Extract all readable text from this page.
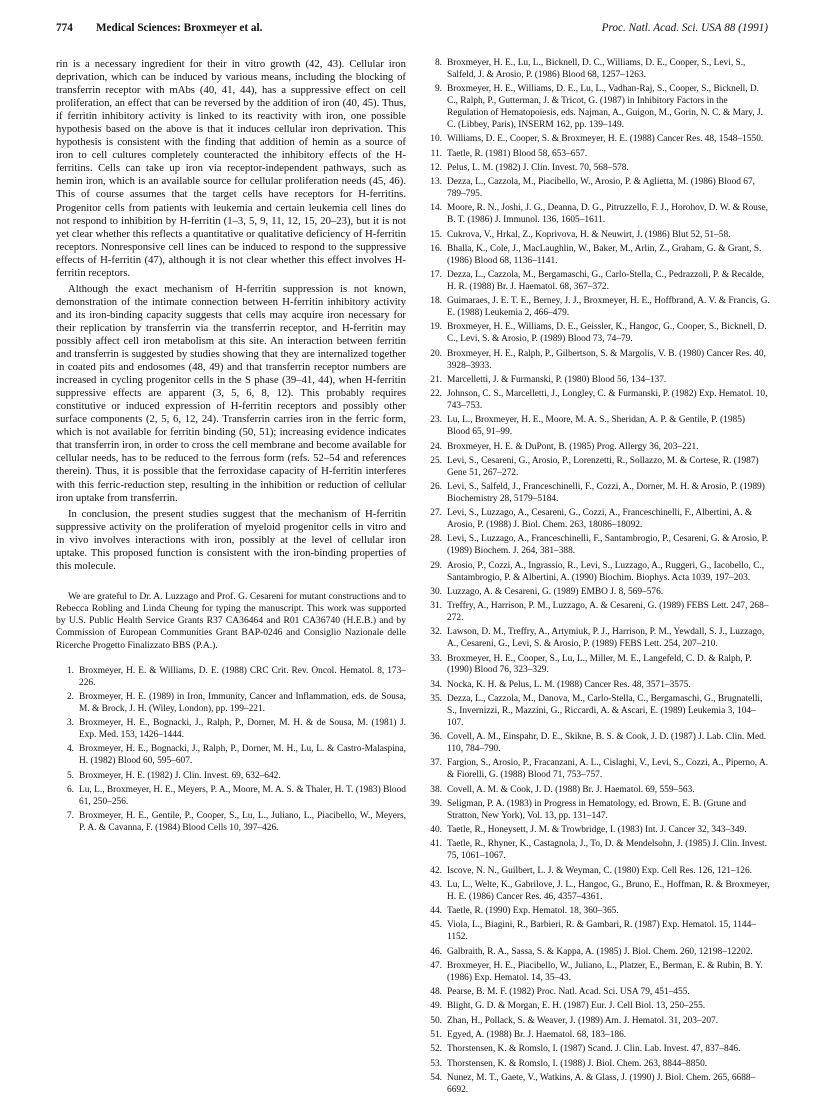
774 Medical Sciences: Broxmeyer et al.	Proc. Natl. Acad. Sci. USA 88 (1991)

rin is a necessary ingredient for their in vitro growth (42, 43). Cellular iron deprivation, which can be induced by various means, including the blocking of transferrin receptor with mAbs (40, 41, 44), has a suppressive effect on cell proliferation, an effect that can be reversed by the addition of iron (40, 45). Thus, if ferritin inhibitory activity is linked to its reactivity with iron, one possible hypothesis based on the above is that it induces cellular iron deprivation. This hypothesis is consistent with the finding that addition of hemin as a source of iron to cell cultures completely counteracted the inhibitory effects of the H-ferritins. Cells can take up iron via receptor-independent pathways, such as hemin iron, which is an available source for cellular proliferation needs (45, 46). This of course assumes that the target cells have receptors for H-ferritins. Progenitor cells from patients with leukemia and certain leukemia cell lines do not respond to inhibition by H-ferritin (1–3, 5, 9, 11, 12, 15, 20–23), but it is not yet clear whether this reflects a quantitative or qualitative deficiency of H-ferritin receptors. Nonresponsive cell lines can be induced to respond to the suppressive effects of H-ferritin (47), although it is not clear whether this effect involves H-ferritin receptors.

Although the exact mechanism of H-ferritin suppression is not known, demonstration of the intimate connection between H-ferritin inhibitory activity and its iron-binding capacity suggests that cells may acquire iron necessary for their replication by transferrin via the transferrin receptor, and H-ferritin may possibly affect cell iron metabolism at this site. An interaction between ferritin and transferrin is suggested by studies showing that they are internalized together in coated pits and endosomes (48, 49) and that transferrin receptor numbers are increased in cycling progenitor cells in the S phase (39–41, 44), when H-ferritin suppressive effects are apparent (3, 5, 6, 8, 12). This probably requires constitutive or induced expression of H-ferritin receptors and possibly other surface components (2, 5, 6, 12, 24). Transferrin carries iron in the ferric form, which is not available for ferritin binding (50, 51); increasing evidence indicates that transferrin iron, in order to cross the cell membrane and become available for cellular needs, has to be reduced to the ferrous form (refs. 52–54 and references therein). Thus, it is possible that the ferroxidase capacity of H-ferritin interferes with this ferric-reduction step, resulting in the inhibition or reduction of cellular iron uptake from transferrin.

In conclusion, the present studies suggest that the mechanism of H-ferritin suppressive activity on the proliferation of myeloid progenitor cells in vitro and in vivo involves interactions with iron, possibly at the level of cellular iron uptake. This proposed function is consistent with the iron-binding properties of this molecule.

We are grateful to Dr. A. Luzzago and Prof. G. Cesareni for mutant constructions and to Rebecca Robling and Linda Cheung for typing the manuscript. This work was supported by U.S. Public Health Service Grants R37 CA36464 and R01 CA36740 (H.E.B.) and by Commission of European Communities Grant BAP-0246 and Consiglio Nazionale delle Ricerche Progetto Finalizzato BBS (P.A.).

1. Broxmeyer, H. E. & Williams, D. E. (1988) CRC Crit. Rev. Oncol. Hematol. 8, 173–226.
2. Broxmeyer, H. E. (1989) in Iron, Immunity, Cancer and Inflammation, eds. de Sousa, M. & Brock, J. H. (Wiley, London), pp. 199–221.
3. Broxmeyer, H. E., Bognacki, J., Ralph, P., Dorner, M. H. & de Sousa, M. (1981) J. Exp. Med. 153, 1426–1444.
4. Broxmeyer, H. E., Bognacki, J., Ralph, P., Dorner, M. H., Lu, L. & Castro-Malaspina, H. (1982) Blood 60, 595–607.
5. Broxmeyer, H. E. (1982) J. Clin. Invest. 69, 632–642.
6. Lu, L., Broxmeyer, H. E., Meyers, P. A., Moore, M. A. S. & Thaler, H. T. (1983) Blood 61, 250–256.
7. Broxmeyer, H. E., Gentile, P., Cooper, S., Lu, L., Juliano, L., Piacibello, W., Meyers, P. A. & Cavanna, F. (1984) Blood Cells 10, 397–426.
8. Broxmeyer, H. E., Lu, L., Bicknell, D. C., Williams, D. E., Cooper, S., Levi, S., Salfeld, J. & Arosio, P. (1986) Blood 68, 1257–1263.
9. Broxmeyer, H. E., Williams, D. E., Lu, L., Vadhan-Raj, S., Cooper, S., Bicknell, D. C., Ralph, P., Gutterman, J. & Tricot, G. (1987) in Inhibitory Factors in the Regulation of Hematopoiesis, eds. Najman, A., Guigon, M., Gorin, N. C. & Mary, J. C. (Libbey, Paris), INSERM 162, pp. 139–149.
10. Williams, D. E., Cooper, S. & Broxmeyer, H. E. (1988) Cancer Res. 48, 1548–1550.
11. Taetle, R. (1981) Blood 58, 653–657.
12. Pelus, L. M. (1982) J. Clin. Invest. 70, 568–578.
13. Dezza, L., Cazzola, M., Piacibello, W., Arosio, P. & Aglietta, M. (1986) Blood 67, 789–795.
14. Moore, R. N., Joshi, J. G., Deanna, D. G., Pitruzzello, F. J., Horohov, D. W. & Rouse, B. T. (1986) J. Immunol. 136, 1605–1611.
15. Cukrova, V., Hrkal, Z., Koprivova, H. & Neuwirt, J. (1986) Blut 52, 51–58.
16. Bhalla, K., Cole, J., MacLaughlin, W., Baker, M., Arlin, Z., Graham, G. & Grant, S. (1986) Blood 68, 1136–1141.
17. Dezza, L., Cazzola, M., Bergamaschi, G., Carlo-Stella, C., Pedrazzoli, P. & Recalde, H. R. (1988) Br. J. Haematol. 68, 367–372.
18. Guimaraes, J. E. T. E., Berney, J. J., Broxmeyer, H. E., Hoffbrand, A. V. & Francis, G. E. (1988) Leukemia 2, 466–479.
19. Broxmeyer, H. E., Williams, D. E., Geissler, K., Hangoc, G., Cooper, S., Bicknell, D. C., Levi, S. & Arosio, P. (1989) Blood 73, 74–79.
20. Broxmeyer, H. E., Ralph, P., Gilbertson, S. & Margolis, V. B. (1980) Cancer Res. 40, 3928–3933.
21. Marcelletti, J. & Furmanski, P. (1980) Blood 56, 134–137.
22. Johnson, C. S., Marcelletti, J., Longley, C. & Furmanski, P. (1982) Exp. Hematol. 10, 743–753.
23. Lu, L., Broxmeyer, H. E., Moore, M. A. S., Sheridan, A. P. & Gentile, P. (1985) Blood 65, 91–99.
24. Broxmeyer, H. E. & DuPont, B. (1985) Prog. Allergy 36, 203–221.
25. Levi, S., Cesareni, G., Arosio, P., Lorenzetti, R., Sollazzo, M. & Cortese, R. (1987) Gene 51, 267–272.
26. Levi, S., Salfeld, J., Franceschinelli, F., Cozzi, A., Dorner, M. H. & Arosio, P. (1989) Biochemistry 28, 5179–5184.
27. Levi, S., Luzzago, A., Cesareni, G., Cozzi, A., Franceschinelli, F., Albertini, A. & Arosio, P. (1988) J. Biol. Chem. 263, 18086–18092.
28. Levi, S., Luzzago, A., Franceschinelli, F., Santambrogio, P., Cesareni, G. & Arosio, P. (1989) Biochem. J. 264, 381–388.
29. Arosio, P., Cozzi, A., Ingrassio, R., Levi, S., Luzzago, A., Ruggeri, G., Iacobello, C., Santambrogio, P. & Albertini, A. (1990) Biochim. Biophys. Acta 1039, 197–203.
30. Luzzago, A. & Cesareni, G. (1989) EMBO J. 8, 569–576.
31. Treffry, A., Harrison, P. M., Luzzago, A. & Cesareni, G. (1989) FEBS Lett. 247, 268–272.
32. Lawson, D. M., Treffry, A., Artymiuk, P. J., Harrison, P. M., Yewdall, S. J., Luzzago, A., Cesareni, G., Levi, S. & Arosio, P. (1989) FEBS Lett. 254, 207–210.
33. Broxmeyer, H. E., Cooper, S., Lu, L., Miller, M. E., Langefeld, C. D. & Ralph, P. (1990) Blood 76, 323–329.
34. Nocka, K. H. & Pelus, L. M. (1988) Cancer Res. 48, 3571–3575.
35. Dezza, L., Cazzola, M., Danova, M., Carlo-Stella, C., Bergamaschi, G., Brugnatelli, S., Invernizzi, R., Mazzini, G., Riccardi, A. & Ascari, E. (1989) Leukemia 3, 104–107.
36. Covell, A. M., Einspahr, D. E., Skikne, B. S. & Cook, J. D. (1987) J. Lab. Clin. Med. 110, 784–790.
37. Fargion, S., Arosio, P., Fracanzani, A. L., Cislaghi, V., Levi, S., Cozzi, A., Piperno, A. & Fiorelli, G. (1988) Blood 71, 753–757.
38. Covell, A. M. & Cook, J. D. (1988) Br. J. Haematol. 69, 559–563.
39. Seligman, P. A. (1983) in Progress in Hematology, ed. Brown, E. B. (Grune and Stratton, New York), Vol. 13, pp. 131–147.
40. Taetle, R., Honeysett, J. M. & Trowbridge, I. (1983) Int. J. Cancer 32, 343–349.
41. Taetle, R., Rhyner, K., Castagnola, J., To, D. & Mendelsohn, J. (1985) J. Clin. Invest. 75, 1061–1067.
42. Iscove, N. N., Guilbert, L. J. & Weyman, C. (1980) Exp. Cell Res. 126, 121–126.
43. Lu, L., Welte, K., Gabrilove, J. L., Hangoc, G., Bruno, E., Hoffman, R. & Broxmeyer, H. E. (1986) Cancer Res. 46, 4357–4361.
44. Taetle, R. (1990) Exp. Hematol. 18, 360–365.
45. Viola, L., Biagini, R., Barbieri, R. & Gambari, R. (1987) Exp. Hematol. 15, 1144–1152.
46. Galbraith, R. A., Sassa, S. & Kappa, A. (1985) J. Biol. Chem. 260, 12198–12202.
47. Broxmeyer, H. E., Piacibello, W., Juliano, L., Platzer, E., Berman, E. & Rubin, B. Y. (1986) Exp. Hematol. 14, 35–43.
48. Pearse, B. M. F. (1982) Proc. Natl. Acad. Sci. USA 79, 451–455.
49. Blight, G. D. & Morgan, E. H. (1987) Eur. J. Cell Biol. 13, 250–255.
50. Zhan, H., Pollack, S. & Weaver, J. (1989) Am. J. Hematol. 31, 203–207.
51. Egyed, A. (1988) Br. J. Haematol. 68, 183–186.
52. Thorstensen, K. & Romslo, I. (1987) Scand. J. Clin. Lab. Invest. 47, 837–846.
53. Thorstensen, K. & Romslo, I. (1988) J. Biol. Chem. 263, 8844–8850.
54. Nunez, M. T., Gaete, V., Watkins, A. & Glass, J. (1990) J. Biol. Chem. 265, 6688–6692.
